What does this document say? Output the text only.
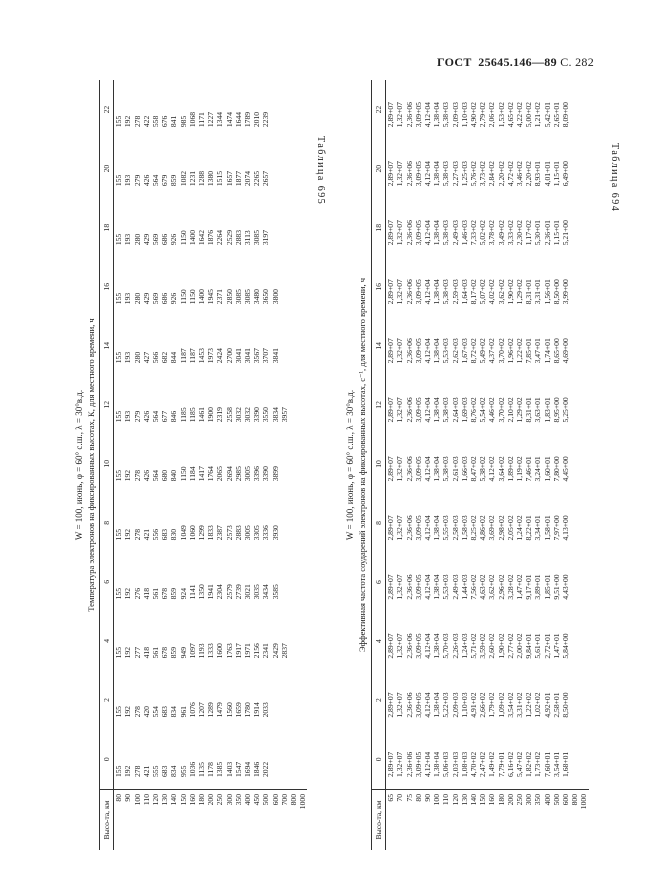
ГОСТ 25645.146—89 С. 282
Таблица 694
Таблица 695
W = 100, июнь, φ = 60° с.ш., λ = 30°в.д. Температура электронов на фиксированных высотах, К, для местного времени, ч
Высо-та, км	0	2	4	6	8	10	12	14	16	18	20	22
80	155	155	155	155	155	155	155	155	155	155	155	155
90	192	192	192	192	192	192	193	193	193	193	193	192
100	278	278	277	276	278	278	279	280	280	280	279	278
110	421	420	418	418	421	426	426	427	429	429	426	422
120	555	554	561	561	556	564	564	566	569	569	564	558
130	683	683	678	678	683	680	677	682	686	686	679	676
140	834	834	859	859	830	840	846	844	926	926	859	841
150	955	961	949	924	1049	1150	1185	1187	1150	1150	1082	985
160	1036	1076	1097	1141	1060	1184	1185	1187	1150	1400	1231	1068
180	1135	1207	1193	1350	1299	1417	1461	1453	1400	1642	1288	1171
200	1178	1289	1333	1941	1833	1764	1900	1973	1945	1876	1380	1227
250	1385	1479	1600	2304	2387	2065	2319	2424	2371	2264	1515	1344
300	1403	1560	1763	2579	2573	2694	2558	2700	2850	2529	1657	1474
350	1547	1659	1917	2739	2883	2985	3032	3041	3085	2883	1877	1644
400	1694	1780	1971	3021	3005	3005	3032	3041	3085	3113	2074	1789
450	1846	1914	2156	3035	3305	3396	3390	3567	3480	3085	2265	2010
500	2022	2033	2341	3434	3336	3390	3550	3707	3650	3197	2657	2239
600			2429	3585	3930	3899	3834	3841	3800			
700			2837				3957					
800												
1000												
W = 100, июнь, φ = 60° с.ш., λ = 30°в.д. Эффективная частота соударений электронов на фиксированных высотах, с⁻¹, для местного времени, ч
Высо-та, км	0	2	4	6	8	10	12	14	16	18	20	22
65	2,89+07	2,89+07	2,89+07	2,89+07	2,89+07	2,89+07	2,89+07	2,89+07	2,89+07	2,89+07	2,89+07	2,89+07
70	1,32+07	1,32+07	1,32+07	1,32+07	1,32+07	1,32+07	1,32+07	1,32+07	1,32+07	1,32+07	1,32+07	1,32+07
75	2,36+06	2,36+06	2,36+06	2,36+06	2,36+06	2,36+06	2,36+06	2,36+06	2,36+06	2,36+06	2,36+06	2,36+06
80	3,09+05	3,09+05	3,09+05	3,09+05	3,09+05	3,09+05	3,09+05	3,09+05	3,09+05	3,09+05	3,09+05	3,09+05
90	4,12+04	4,12+04	4,12+04	4,12+04	4,12+04	4,12+04	4,12+04	4,12+04	4,12+04	4,12+04	4,12+04	4,12+04
100	1,38+04	1,38+04	1,38+04	1,38+04	1,38+04	1,38+04	1,38+04	1,38+04	1,38+04	1,38+04	1,38+04	1,38+04
110	5,06+03	5,22+03	5,70+03	5,53+03	5,55+03	5,38+03	5,38+03	5,53+03	5,38+03	5,38+03	5,38+03	5,38+03
120	2,03+03	2,09+03	2,26+03	2,49+03	2,58+03	2,61+03	2,64+03	2,62+03	2,59+03	2,49+03	2,27+03	2,09+03
130	1,08+03	1,10+03	1,24+03	1,44+03	1,58+03	1,66+03	1,69+03	1,67+03	1,64+03	1,46+03	1,25+03	1,10+03
140	4,70+02	4,91+02	5,71+02	7,56+02	8,25+02	8,47+02	8,76+02	8,72+02	8,17+02	7,33+02	5,76+02	4,90+02
150	2,47+02	2,66+02	3,59+02	4,63+02	4,86+02	5,38+02	5,54+02	5,49+02	5,07+02	5,02+02	3,73+02	2,79+02
160	1,49+02	1,79+02	2,60+02	3,62+02	3,69+02	4,12+02	4,46+02	4,37+02	4,02+02	3,78+02	2,84+02	2,06+02
180	7,79+01	1,09+02	1,90+02	2,96+02	2,98+02	3,64+02	3,70+02	3,70+02	3,62+02	3,49+02	2,20+02	1,53+02
200	6,16+02	3,54+02	2,77+02	3,28+02	2,05+02	1,89+02	2,10+02	1,96+02	1,90+02	3,33+02	4,72+02	4,65+02
250	5,47+02	3,31+02	2,00+02	1,47+02	1,24+02	1,19+02	1,29+02	1,22+02	1,29+02	2,30+02	3,46+02	4,22+02
300	1,82+02	1,22+02	9,84+01	9,17+01	8,22+01	7,46+01	8,31+01	7,85+01	8,31+01	1,17+02	2,20+02	5,00+02
350	1,73+02	1,02+02	5,61+01	3,89+01	3,34+01	3,24+01	3,63+01	3,47+01	3,31+01	5,30+01	8,93+01	1,21+02
400	7,60+01	4,92+01	2,72+01	1,85+01	1,58+01	1,60+01	1,83+01	1,74+01	1,56+01	2,36+01	4,01+01	5,42+01
500	3,54+01	2,58+01	1,47+01	9,51+00	7,97+00	7,80+00	8,95+00	8,65+00	8,50+00	1,15+01	1,15+01	2,65+01
600	1,68+01	8,50+00	5,84+00	4,43+00	4,13+00	4,45+00	5,25+00	4,69+00	3,99+00	5,21+00	6,49+00	8,09+00
800												
1000												
